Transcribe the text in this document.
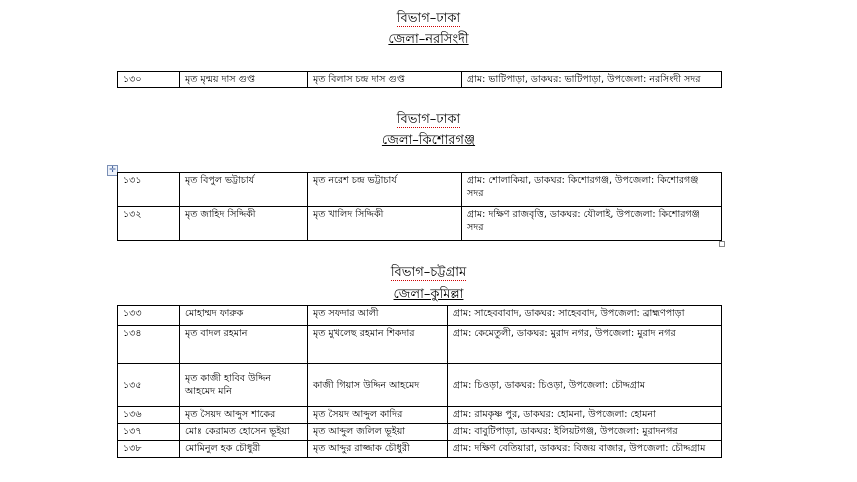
বিভাগ–ঢাকা
জেলা–নরসিংদী
১৩০	মৃত মৃন্ময় দাস গুপ্ত	মৃত বিলাস চন্দ্র দাস গুপ্ত	গ্রাম: ভাটিপাড়া, ডাকঘর: ভাটিপাড়া, উপজেলা: নরসিংদী সদর
বিভাগ–ঢাকা
জেলা–কিশোরগঞ্জ
✛
১৩১	মৃত বিপুল ভট্টাচার্য	মৃত নরেশ চন্দ্র ভট্টাচার্য	গ্রাম: শোলাকিয়া, ডাকঘর: কিশোরগঞ্জ, উপজেলা: কিশোরগঞ্জ সদর
১৩২	মৃত জাহিদ সিদ্দিকী	মৃত খালিদ সিদ্দিকী	গ্রাম: দক্ষিণ রাজবৃত্তি, ডাকঘর: যৌলাই, উপজেলা: কিশোরগঞ্জ সদর
বিভাগ–চট্টগ্রাম
জেলা–কুমিল্লা
১৩৩	মোহাম্মদ ফারুক	মৃত সফদার আলী	গ্রাম: সাহেববাবাদ, ডাকঘর: সাহেববাদ, উপজেলা: ব্রাহ্মণপাড়া
১৩৪	মৃত বাদল রহমান	মৃত মুখলেছ রহমান শিকদার	গ্রাম: কেমেতুলী, ডাকঘর: মুরাদ নগর, উপজেলা: মুরাদ নগর
১৩৫	মৃত কাজী হাবিব উদ্দিন আহমেদ মনি	কাজী গিয়াস উদ্দিন আহমেদ	গ্রাম: চিওড়া, ডাকঘর: চিওড়া, উপজেলা: চৌদ্দগ্রাম
১৩৬	মৃত সৈয়দ আব্দুস শাকের	মৃত সৈয়দ আব্দুল কাদির	গ্রাম: রামকৃষ্ণ পুর, ডাকঘর: হোমনা, উপজেলা: হোমনা
১৩৭	মোঃ কেরামত হোসেন ভূইয়া	মৃত আব্দুল জলিল ভূইয়া	গ্রাম: বাবুটিপাড়া, ডাকঘর: ইলিয়টগঞ্জ, উপজেলা: মুরাদনগর
১৩৮	মোমিনুল হক চৌধুরী	মৃত আব্দুর রাজ্জাক চৌধুরী	গ্রাম: দক্ষিণ বেতিয়ারা, ডাকঘর: বিজয় বাজার, উপজেলা: চৌদ্দগ্রাম
